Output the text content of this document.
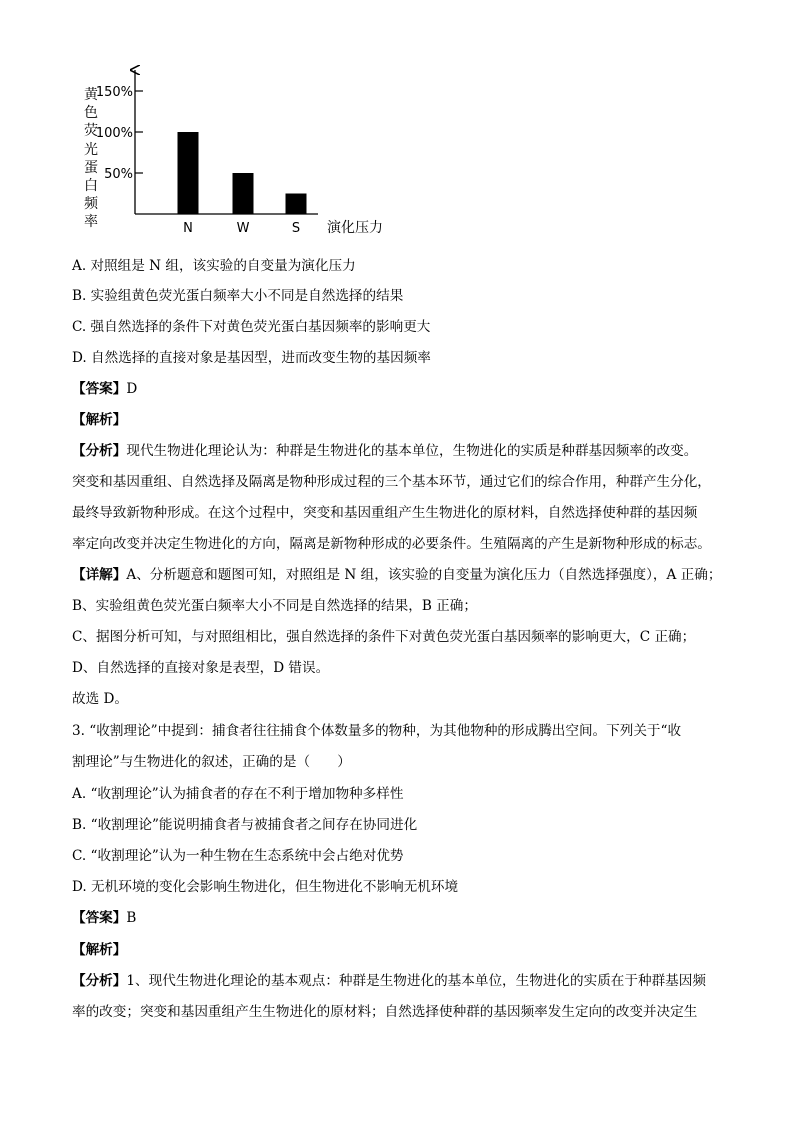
150%
100%
50%
N	W	S 演化压力
黄
色
荧
光
蛋
白
频
率
A. 对照组是 N 组，该实验的自变量为演化压力
B. 实验组黄色荧光蛋白频率大小不同是自然选择的结果
C. 强自然选择的条件下对黄色荧光蛋白基因频率的影响更大
D. 自然选择的直接对象是基因型，进而改变生物的基因频率
【答案】D
【解析】
【分析】现代生物进化理论认为：种群是生物进化的基本单位，生物进化的实质是种群基因频率的改变。
突变和基因重组、自然选择及隔离是物种形成过程的三个基本环节，通过它们的综合作用，种群产生分化，
最终导致新物种形成。在这个过程中，突变和基因重组产生生物进化的原材料，自然选择使种群的基因频
率定向改变并决定生物进化的方向，隔离是新物种形成的必要条件。生殖隔离的产生是新物种形成的标志。
【详解】A、分析题意和题图可知，对照组是 N 组，该实验的自变量为演化压力（自然选择强度），A 正确；
B、实验组黄色荧光蛋白频率大小不同是自然选择的结果，B 正确；
C、据图分析可知，与对照组相比，强自然选择的条件下对黄色荧光蛋白基因频率的影响更大，C 正确；
D、自然选择的直接对象是表型，D 错误。
故选 D。
3. “收割理论”中提到：捕食者往往捕食个体数量多的物种，为其他物种的形成腾出空间。下列关于“收
割理论”与生物进化的叙述，正确的是（　　）
A. “收割理论”认为捕食者的存在不利于增加物种多样性
B. “收割理论”能说明捕食者与被捕食者之间存在协同进化
C. “收割理论”认为一种生物在生态系统中会占绝对优势
D. 无机环境的变化会影响生物进化，但生物进化不影响无机环境
【答案】B
【解析】
【分析】1、现代生物进化理论的基本观点：种群是生物进化的基本单位，生物进化的实质在于种群基因频
率的改变；突变和基因重组产生生物进化的原材料；自然选择使种群的基因频率发生定向的改变并决定生
